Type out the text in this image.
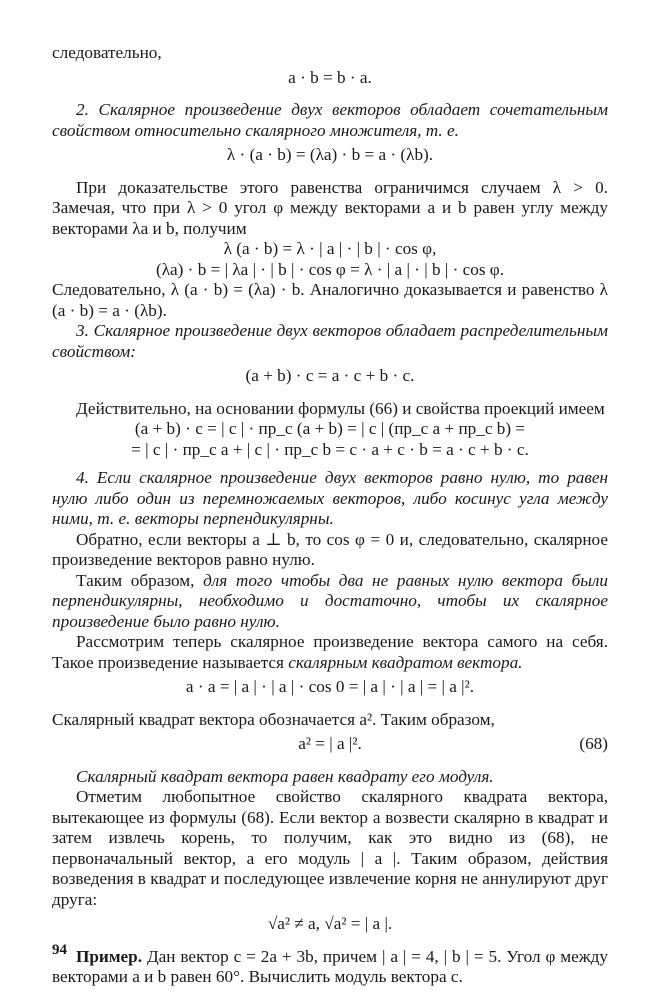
следовательно,

a · b = b · a.

2. Скалярное произведение двух векторов обладает сочетательным свойством относительно скалярного множителя, т. е.

λ · (a · b) = (λa) · b = a · (λb).

При доказательстве этого равенства ограничимся случаем λ > 0. Замечая, что при λ > 0 угол φ между векторами a и b равен углу между векторами λa и b, получим

λ (a · b) = λ · | a | · | b | · cos φ,

(λa) · b = | λa | · | b | · cos φ = λ · | a | · | b | · cos φ.

Следовательно, λ (a · b) = (λa) · b. Аналогично доказывается и равенство λ (a · b) = a · (λb).

3. Скалярное произведение двух векторов обладает распределительным свойством:

(a + b) · c = a · c + b · c.

Действительно, на основании формулы (66) и свойства проекций имеем

(a + b) · c = | c | · пр_c (a + b) = | c | (пр_c a + пр_c b) =

= | c | · пр_c a + | c | · пр_c b = c · a + c · b = a · c + b · c.

4. Если скалярное произведение двух векторов равно нулю, то равен нулю либо один из перемножаемых векторов, либо косинус угла между ними, т. е. векторы перпендикулярны.

Обратно, если векторы a ⊥ b, то cos φ = 0 и, следовательно, скалярное произведение векторов равно нулю.

Таким образом, для того чтобы два не равных нулю вектора были перпендикулярны, необходимо и достаточно, чтобы их скалярное произведение было равно нулю.

Рассмотрим теперь скалярное произведение вектора самого на себя. Такое произведение называется скалярным квадратом вектора.

a · a = | a | · | a | · cos 0 = | a | · | a | = | a |².

Скалярный квадрат вектора обозначается a². Таким образом,

a² = | a |².	(68)

Скалярный квадрат вектора равен квадрату его модуля.

Отметим любопытное свойство скалярного квадрата вектора, вытекающее из формулы (68). Если вектор a возвести скалярно в квадрат и затем извлечь корень, то получим, как это видно из (68), не первоначальный вектор, а его модуль | a |. Таким образом, действия возведения в квадрат и последующее извлечение корня не аннулируют друг друга:

√a² ≠ a, √a² = | a |.

Пример. Дан вектор c = 2a + 3b, причем | a | = 4, | b | = 5. Угол φ между векторами a и b равен 60°. Вычислить модуль вектора c.

94
